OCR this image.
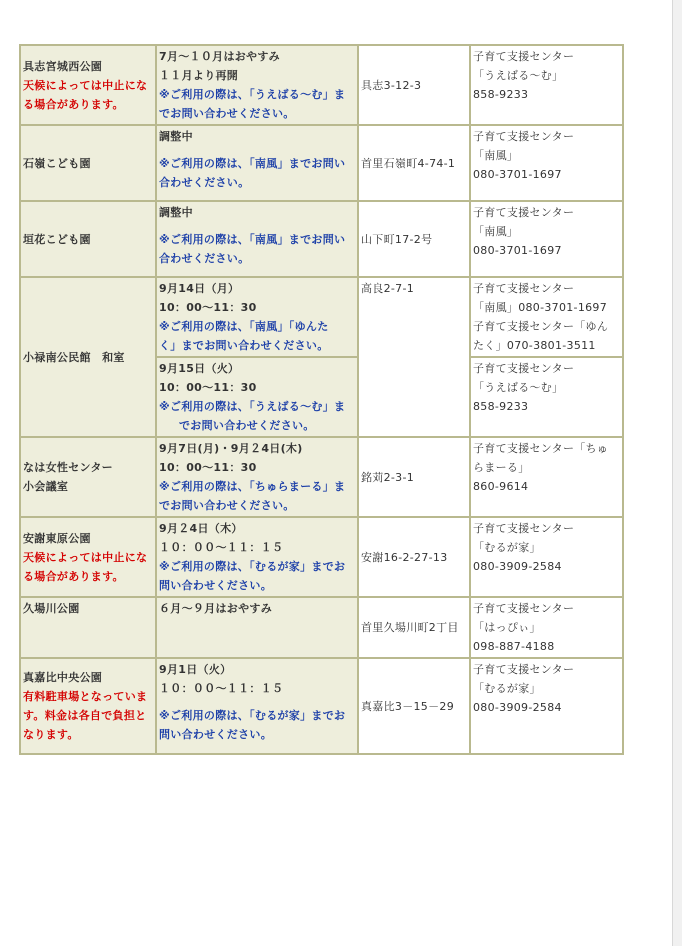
具志宮城西公園
天候によっては中止にな
る場合があります。	7月～１０月はおやすみ
１１月より再開
※ご利用の際は、「うえばる～む」ま
でお問い合わせください。	具志3-12-3	子育て支援センター
「うえばる～む」
858-9233

石嶺こども園	調整中
※ご利用の際は、「南風」までお問い
合わせください。	首里石嶺町4-74-1	子育て支援センター
「南風」
080-3701-1697

垣花こども園	調整中
※ご利用の際は、「南風」までお問い
合わせください。	山下町17-2号	子育て支援センター
「南風」
080-3701-1697

小禄南公民館　和室	9月14日（月）
10：00～11：30
※ご利用の際は、「南風」「ゆんた
く」までお問い合わせください。	高良2-7-1	子育て支援センター
「南風」080-3701-1697
子育て支援センター「ゆん
たく」070-3801-3511

	9月15日（火）
10：00～11：30
※ご利用の際は、「うえばる～む」ま
でお問い合わせください。		子育て支援センター
「うえばる～む」
858-9233

なは女性センター
小会議室	9月7日(月)・9月２4日(木)
10：00～11：30
※ご利用の際は、「ちゅらまーる」ま
でお問い合わせください。	銘苅2-3-1	子育て支援センター「ちゅ
らまーる」
860-9614

安謝東原公園
天候によっては中止にな
る場合があります。	9月２4日（木）
１０：００～１１：１５
※ご利用の際は、「むるが家」までお
問い合わせください。	安謝16-2-27-13	子育て支援センター
「むるが家」
080-3909-2584

久場川公園	６月～９月はおやすみ	首里久場川町2丁目	子育て支援センター
「はっぴぃ」
098-887-4188

真嘉比中央公園
有料駐車場となっていま
す。料金は各自で負担と
なります。	9月1日（火）
１０：００～１１：１５
※ご利用の際は、「むるが家」までお
問い合わせください。	真嘉比3－15－29	子育て支援センター
「むるが家」
080-3909-2584
